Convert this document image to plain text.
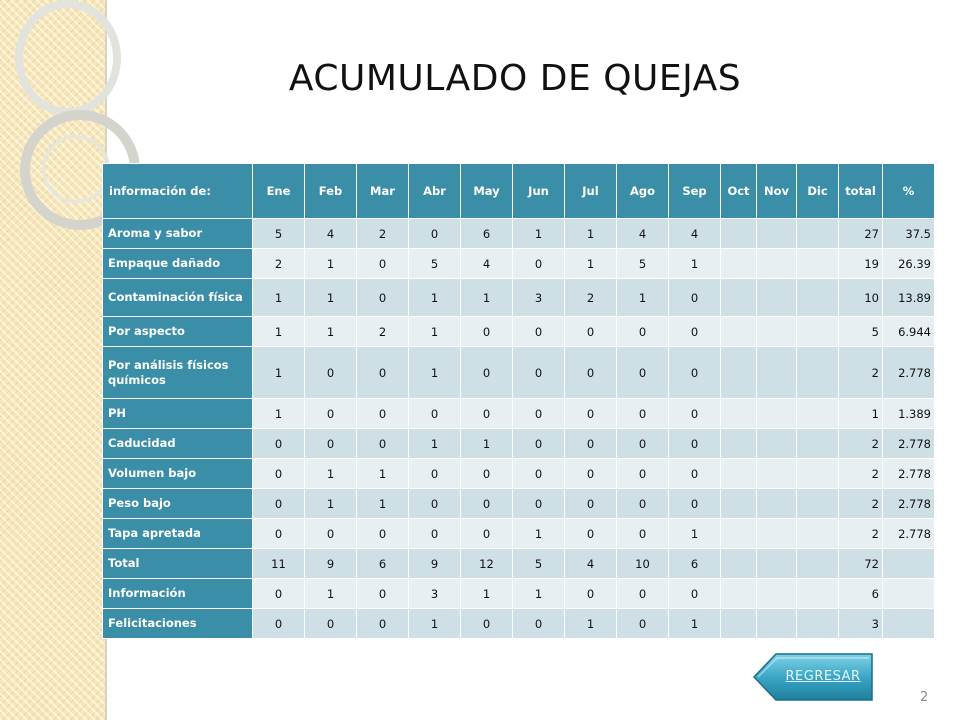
ACUMULADO DE QUEJAS
información de:	Ene	Feb	Mar	Abr	May	Jun	Jul	Ago	Sep	Oct	Nov	Dic	total	%
Aroma y sabor	5	4	2	0	6	1	1	4	4				27	37.5
Empaque dañado	2	1	0	5	4	0	1	5	1				19	26.39
Contaminación física	1	1	0	1	1	3	2	1	0				10	13.89
Por aspecto	1	1	2	1	0	0	0	0	0				5	6.944
Por análisis físicos químicos	1	0	0	1	0	0	0	0	0				2	2.778
PH	1	0	0	0	0	0	0	0	0				1	1.389
Caducidad	0	0	0	1	1	0	0	0	0				2	2.778
Volumen bajo	0	1	1	0	0	0	0	0	0				2	2.778
Peso bajo	0	1	1	0	0	0	0	0	0				2	2.778
Tapa apretada	0	0	0	0	0	1	0	0	1				2	2.778
Total	11	9	6	9	12	5	4	10	6				72	
Información	0	1	0	3	1	1	0	0	0				6	
Felicitaciones	0	0	0	1	0	0	1	0	1				3	
REGRESAR
2
